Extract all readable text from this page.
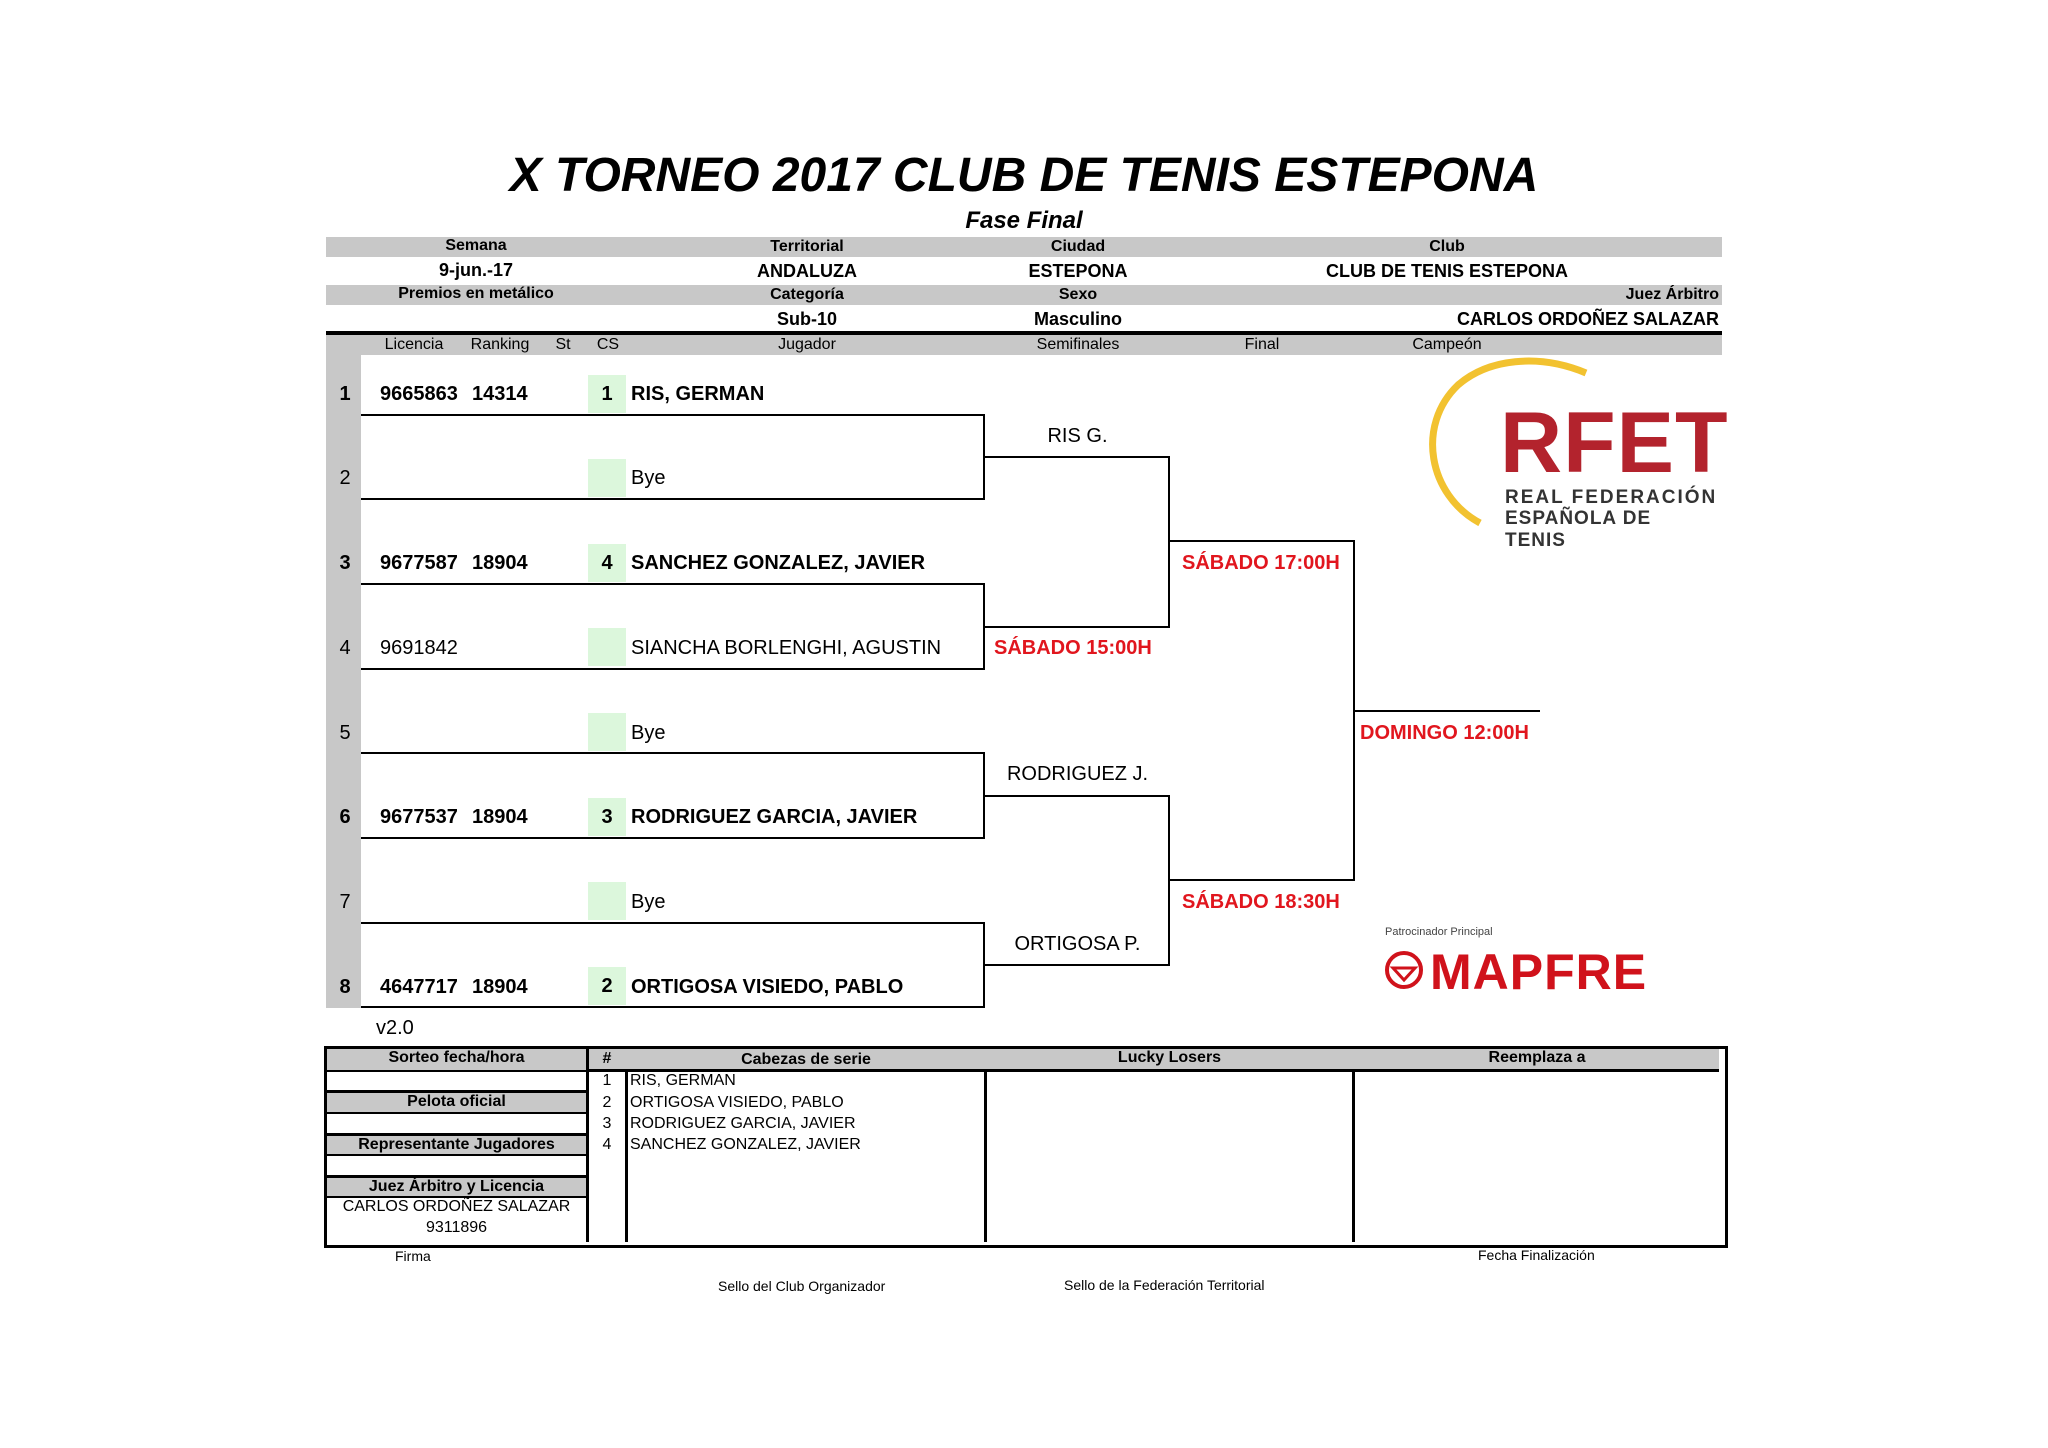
X TORNEO 2017 CLUB DE TENIS ESTEPONA
Fase Final
Semana
9-jun.-17
Territorial
ANDALUZA
Ciudad
ESTEPONA
Club
CLUB DE TENIS ESTEPONA
Premios en metálico	Categoría
Sub-10
Sexo
Masculino
Juez Árbitro
CARLOS ORDOÑEZ SALAZAR
Licencia	Ranking	St	CS	Jugador	Semifinales	Final	Campeón
1	9665863 14314	1 RIS, GERMAN
2	Bye
3	9677587 18904	4 SANCHEZ GONZALEZ, JAVIER
4	9691842	SIANCHA BORLENGHI, AGUSTIN
5	Bye
6	9677537 18904	3 RODRIGUEZ GARCIA, JAVIER
7	Bye
8	4647717 18904	2 ORTIGOSA VISIEDO, PABLO
RIS G.
SÁBADO 15:00H
RODRIGUEZ J.
ORTIGOSA P.
SÁBADO 17:00H
SÁBADO 18:30H
DOMINGO 12:00H
v2.0
RFET
REAL FEDERACIÓN
ESPAÑOLA DE TENIS
Patrocinador Principal
MAPFRE
Sorteo fecha/hora
Pelota oficial
Representante Jugadores
Juez Árbitro y Licencia
CARLOS ORDOÑEZ SALAZAR
9311896
#	Cabezas de serie	Lucky Losers	Reemplaza a
1	RIS, GERMAN
2	ORTIGOSA VISIEDO, PABLO
3	RODRIGUEZ GARCIA, JAVIER
4	SANCHEZ GONZALEZ, JAVIER
Firma	Fecha Finalización
Sello del Club Organizador	Sello de la Federación Territorial
